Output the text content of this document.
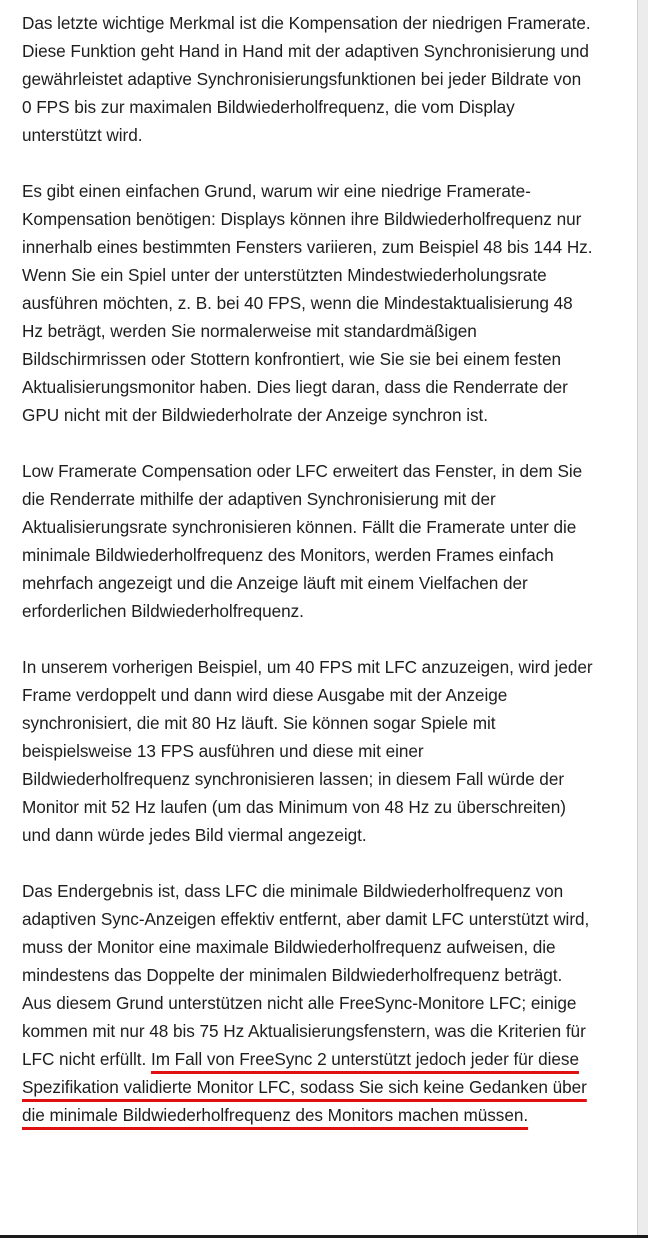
Das letzte wichtige Merkmal ist die Kompensation der niedrigen Framerate. Diese Funktion geht Hand in Hand mit der adaptiven Synchronisierung und gewährleistet adaptive Synchronisierungsfunktionen bei jeder Bildrate von 0 FPS bis zur maximalen Bildwiederholfrequenz, die vom Display unterstützt wird.

Es gibt einen einfachen Grund, warum wir eine niedrige Framerate-Kompensation benötigen: Displays können ihre Bildwiederholfrequenz nur innerhalb eines bestimmten Fensters variieren, zum Beispiel 48 bis 144 Hz. Wenn Sie ein Spiel unter der unterstützten Mindestwiederholungsrate ausführen möchten, z. B. bei 40 FPS, wenn die Mindestaktualisierung 48 Hz beträgt, werden Sie normalerweise mit standardmäßigen Bildschirmrissen oder Stottern konfrontiert, wie Sie sie bei einem festen Aktualisierungsmonitor haben. Dies liegt daran, dass die Renderrate der GPU nicht mit der Bildwiederholrate der Anzeige synchron ist.

Low Framerate Compensation oder LFC erweitert das Fenster, in dem Sie die Renderrate mithilfe der adaptiven Synchronisierung mit der Aktualisierungsrate synchronisieren können. Fällt die Framerate unter die minimale Bildwiederholfrequenz des Monitors, werden Frames einfach mehrfach angezeigt und die Anzeige läuft mit einem Vielfachen der erforderlichen Bildwiederholfrequenz.

In unserem vorherigen Beispiel, um 40 FPS mit LFC anzuzeigen, wird jeder Frame verdoppelt und dann wird diese Ausgabe mit der Anzeige synchronisiert, die mit 80 Hz läuft. Sie können sogar Spiele mit beispielsweise 13 FPS ausführen und diese mit einer Bildwiederholfrequenz synchronisieren lassen; in diesem Fall würde der Monitor mit 52 Hz laufen (um das Minimum von 48 Hz zu überschreiten) und dann würde jedes Bild viermal angezeigt.

Das Endergebnis ist, dass LFC die minimale Bildwiederholfrequenz von adaptiven Sync-Anzeigen effektiv entfernt, aber damit LFC unterstützt wird, muss der Monitor eine maximale Bildwiederholfrequenz aufweisen, die mindestens das Doppelte der minimalen Bildwiederholfrequenz beträgt. Aus diesem Grund unterstützen nicht alle FreeSync-Monitore LFC; einige kommen mit nur 48 bis 75 Hz Aktualisierungsfenstern, was die Kriterien für LFC nicht erfüllt. Im Fall von FreeSync 2 unterstützt jedoch jeder für diese Spezifikation validierte Monitor LFC, sodass Sie sich keine Gedanken über die minimale Bildwiederholfrequenz des Monitors machen müssen.
